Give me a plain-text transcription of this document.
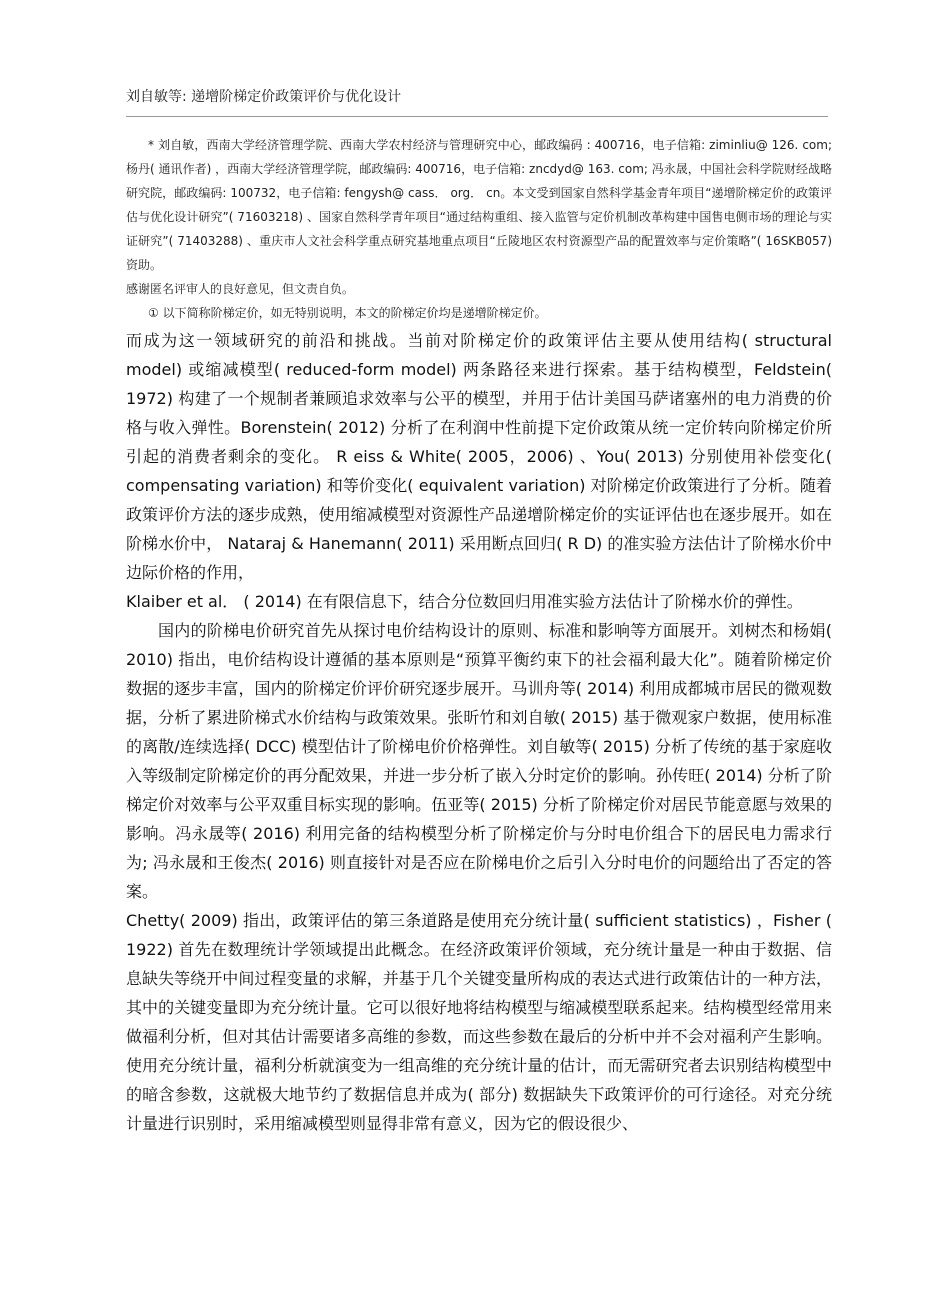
刘自敏等: 递增阶梯定价政策评价与优化设计

* 刘自敏，西南大学经济管理学院、西南大学农村经济与管理研究中心，邮政编码 : 400716，电子信箱: ziminliu@ 126. com; 杨丹( 通讯作者) ，西南大学经济管理学院，邮政编码: 400716，电子信箱: zncdyd@ 163. com; 冯永晟，中国社会科学院财经战略研究院，邮政编码: 100732，电子信箱: fengysh@ cass． org． cn。本文受到国家自然科学基金青年项目“递增阶梯定价的政策评估与优化设计研究”( 71603218) 、国家自然科学青年项目“通过结构重组、接入监管与定价机制改革构建中国售电侧市场的理论与实证研究”( 71403288) 、重庆市人文社会科学重点研究基地重点项目“丘陵地区农村资源型产品的配置效率与定价策略”( 16SKB057) 资助。

感谢匿名评审人的良好意见，但文责自负。

① 以下简称阶梯定价，如无特别说明，本文的阶梯定价均是递增阶梯定价。

而成为这一领域研究的前沿和挑战。当前对阶梯定价的政策评估主要从使用结构( structural model) 或缩减模型( reduced-form model) 两条路径来进行探索。基于结构模型，Feldstein( 1972) 构建了一个规制者兼顾追求效率与公平的模型，并用于估计美国马萨诸塞州的电力消费的价格与收入弹性。Borenstein( 2012) 分析了在利润中性前提下定价政策从统一定价转向阶梯定价所引起的消费者剩余的变化。 R eiss & White( 2005，2006) 、You( 2013) 分别使用补偿变化( compensating variation) 和等价变化( equivalent variation) 对阶梯定价政策进行了分析。随着政策评价方法的逐步成熟，使用缩减模型对资源性产品递增阶梯定价的实证评估也在逐步展开。如在阶梯水价中， Nataraj & Hanemann( 2011) 采用断点回归( R D) 的准实验方法估计了阶梯水价中边际价格的作用，

Klaiber et al． ( 2014) 在有限信息下，结合分位数回归用准实验方法估计了阶梯水价的弹性。

国内的阶梯电价研究首先从探讨电价结构设计的原则、标准和影响等方面展开。刘树杰和杨娟( 2010) 指出，电价结构设计遵循的基本原则是“预算平衡约束下的社会福利最大化”。随着阶梯定价数据的逐步丰富，国内的阶梯定价评价研究逐步展开。马训舟等( 2014) 利用成都城市居民的微观数据，分析了累进阶梯式水价结构与政策效果。张昕竹和刘自敏( 2015) 基于微观家户数据，使用标准的离散/连续选择( DCC) 模型估计了阶梯电价价格弹性。刘自敏等( 2015) 分析了传统的基于家庭收入等级制定阶梯定价的再分配效果，并进一步分析了嵌入分时定价的影响。孙传旺( 2014) 分析了阶梯定价对效率与公平双重目标实现的影响。伍亚等( 2015) 分析了阶梯定价对居民节能意愿与效果的影响。冯永晟等( 2016) 利用完备的结构模型分析了阶梯定价与分时电价组合下的居民电力需求行为; 冯永晟和王俊杰( 2016) 则直接针对是否应在阶梯电价之后引入分时电价的问题给出了否定的答案。

Chetty( 2009) 指出，政策评估的第三条道路是使用充分统计量( sufficient statistics) ，Fisher ( 1922) 首先在数理统计学领域提出此概念。在经济政策评价领域，充分统计量是一种由于数据、信息缺失等绕开中间过程变量的求解，并基于几个关键变量所构成的表达式进行政策估计的一种方法，其中的关键变量即为充分统计量。它可以很好地将结构模型与缩减模型联系起来。结构模型经常用来做福利分析，但对其估计需要诸多高维的参数，而这些参数在最后的分析中并不会对福利产生影响。使用充分统计量，福利分析就演变为一组高维的充分统计量的估计，而无需研究者去识别结构模型中的暗含参数，这就极大地节约了数据信息并成为( 部分) 数据缺失下政策评价的可行途径。对充分统计量进行识别时，采用缩减模型则显得非常有意义，因为它的假设很少、
